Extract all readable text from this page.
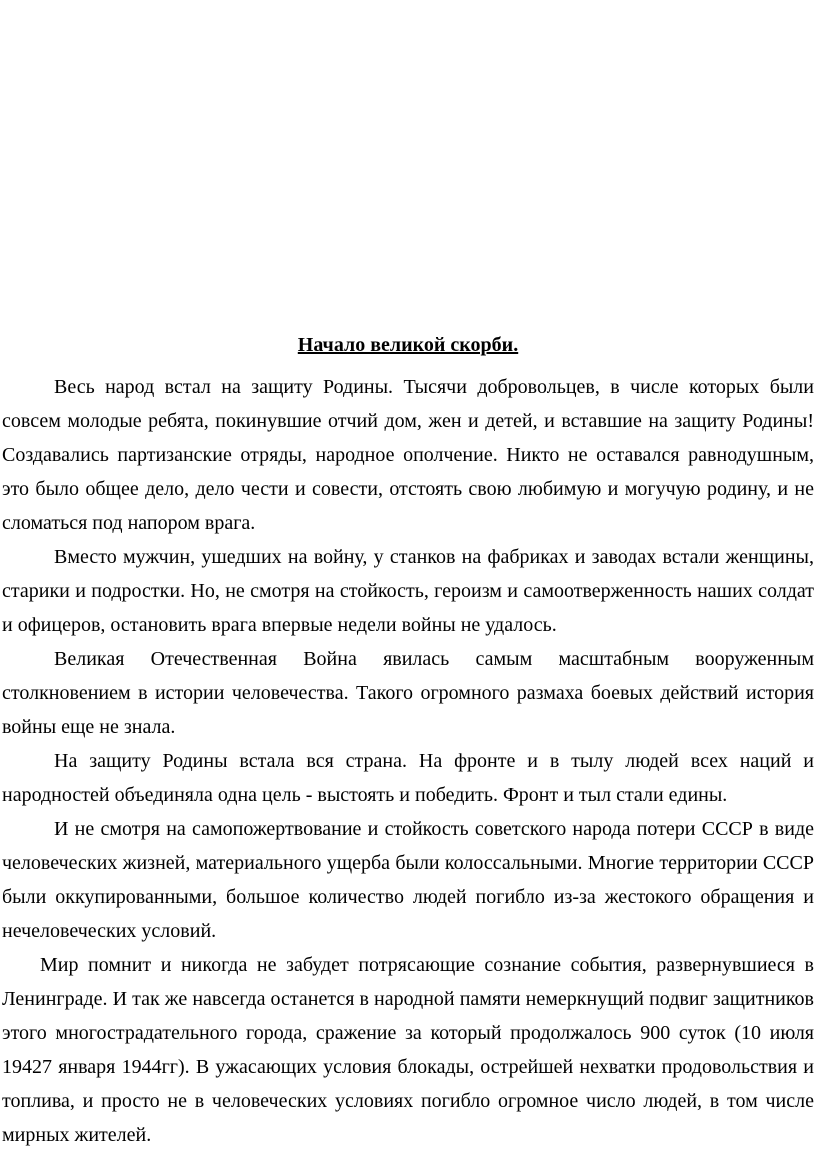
Начало великой скорби.

Весь народ встал на защиту Родины. Тысячи добровольцев, в числе которых были совсем молодые ребята, покинувшие отчий дом, жен и детей, и вставшие на защиту Родины! Создавались партизанские отряды, народное ополчение. Никто не оставался равнодушным, это было общее дело, дело чести и совести, отстоять свою любимую и могучую родину, и не сломаться под напором врага.

Вместо мужчин, ушедших на войну, у станков на фабриках и заводах встали женщины, старики и подростки. Но, не смотря на стойкость, героизм и самоотверженность наших солдат и офицеров, остановить врага впервые недели войны не удалось.

Великая Отечественная Война явилась самым масштабным вооруженным столкновением в истории человечества. Такого огромного размаха боевых действий история войны еще не знала.

На защиту Родины встала вся страна. На фронте и в тылу людей всех наций и народностей объединяла одна цель - выстоять и победить. Фронт и тыл стали едины.

И не смотря на самопожертвование и стойкость советского народа потери СССР в виде человеческих жизней, материального ущерба были колоссальными. Многие территории СССР были оккупированными, большое количество людей погибло из-за жестокого обращения и нечеловеческих условий.

Мир помнит и никогда не забудет потрясающие сознание события, развернувшиеся в Ленинграде. И так же навсегда останется в народной памяти немеркнущий подвиг защитников этого многострадательного города, сражение за который продолжалось 900 суток (10 июля 19427 января 1944гг). В ужасающих условия блокады, острейшей нехватки продовольствия и топлива, и просто не в человеческих условиях погибло огромное число людей, в том числе мирных жителей.
